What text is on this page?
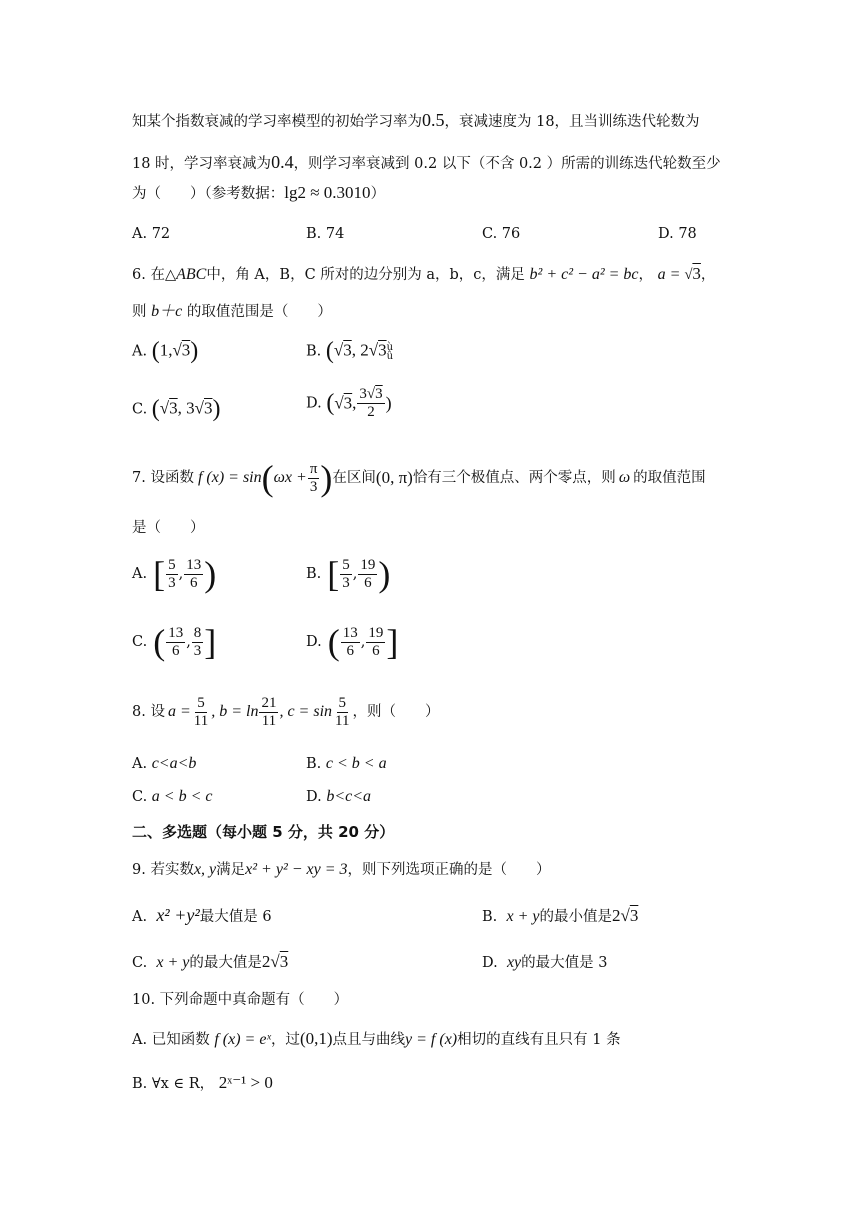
知某个指数衰减的学习率模型的初始学习率为0.5，衰减速度为 18，且当训练迭代轮数为
18 时，学习率衰减为0.4，则学习率衰减到 0.2 以下（不含 0.2 ）所需的训练迭代轮数至少
为（　　）（参考数据：lg2 ≈ 0.3010）
A. 72	B. 74	C. 76	D. 78
6. 在△ABC中，角 A，B，C 所对的边分别为 a，b，c，满足 b² + c² − a² = bc， a = √3，
则 b＋c 的取值范围是（　　）
A. (1,√3)	B. (√3, 2√3 ù
û
C. (√3, 3√3)	D. (√3, $\frac{3√3}{2}$ )
7. 设函数 f (x) = sin ( $\omega x + \frac{\pi}{3}$ ) 在区间 (0, π) 恰有三个极值点、两个零点，则 ω 的取值范围
是（　　）
A. [ $\frac{5}{3}$ , $\frac{13}{6}$ )	B. [ $\frac{5}{3}$ , $\frac{19}{6}$ )
C. ( $\frac{13}{6}$ , $\frac{8}{3}$ ]	D. ( $\frac{13}{6}$ , $\frac{19}{6}$ ]
8. 设 $a = \frac{5}{11}$ , $b = \ln \frac{21}{11}$ , $c = \sin \frac{5}{11}$ ，则（　　）
A. c<a<b	B. c < b < a
C. a < b < c	D. b<c<a
二、多选题（每小题 5 分，共 20 分）
9. 若实数x, y满足x² + y² − xy = 3，则下列选项正确的是（　　）
A. x² +y²最大值是 6	B. x + y的最小值是2√3
C. x + y的最大值是2√3	D. xy的最大值是 3
10. 下列命题中真命题有（　　）
A. 已知函数 f (x) = eˣ，过(0,1)点且与曲线y = f (x)相切的直线有且只有 1 条
B. ∀x ∈ R， 2ˣ⁻¹ > 0
